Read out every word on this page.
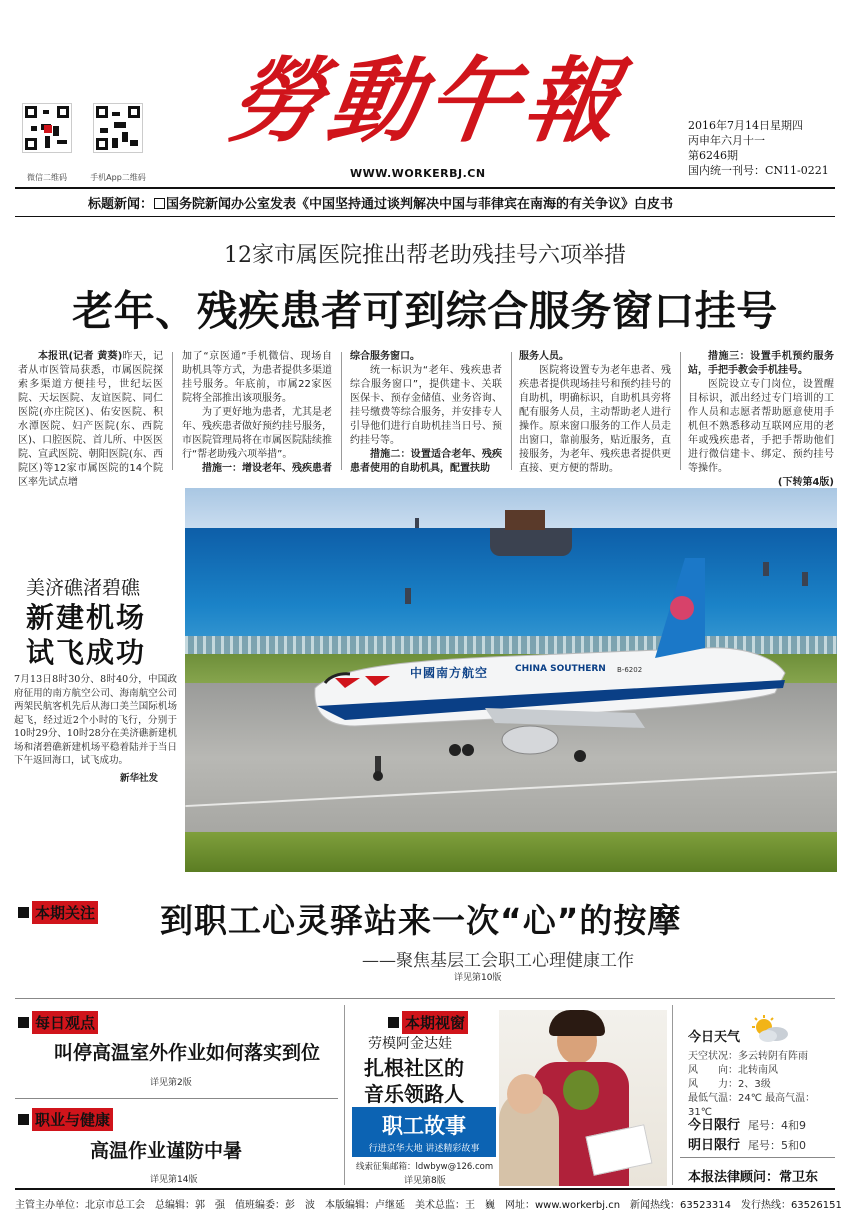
微信二维码	手机App二维码
勞動午報
WWW.WORKERBJ.CN
2016年7月14日星期四
丙申年六月十一
第6246期
国内统一刊号：CN11-0221
标题新闻： 国务院新闻办公室发表《中国坚持通过谈判解决中国与菲律宾在南海的有关争议》白皮书
12家市属医院推出帮老助残挂号六项举措
老年、残疾患者可到综合服务窗口挂号

本报讯(记者 黄葵)昨天，记者从市医管局获悉，市属医院探索多渠道方便挂号，世纪坛医院、天坛医院、友谊医院、同仁医院(亦庄院区)、佑安医院、积水潭医院、妇产医院(东、西院区)、口腔医院、首儿所、中医医院、宣武医院、朝阳医院(东、西院区)等12家市属医院的14个院区率先试点增

加了“京医通”手机微信、现场自助机具等方式，为患者提供多渠道挂号服务。年底前，市属22家医院将全部推出该项服务。

为了更好地为患者，尤其是老年、残疾患者做好预约挂号服务，市医院管理局将在市属医院陆续推行“帮老助残六项举措”。

措施一：增设老年、残疾患者

综合服务窗口。

统一标识为“老年、残疾患者综合服务窗口”，提供建卡、关联医保卡、预存金储值、业务咨询、挂号缴费等综合服务，并安排专人引导他们进行自助机挂当日号、预约挂号等。

措施二：设置适合老年、残疾患者使用的自助机具，配置扶助

服务人员。

医院将设置专为老年患者、残疾患者提供现场挂号和预约挂号的自助机，明确标识，自助机具旁将配有服务人员，主动帮助老人进行操作。原来窗口服务的工作人员走出窗口，靠前服务，贴近服务，直接服务，为老年、残疾患者提供更直接、更方便的帮助。

措施三：设置手机预约服务站，手把手教会手机挂号。

医院设立专门岗位，设置醒目标识，派出经过专门培训的工作人员和志愿者帮助愿意使用手机但不熟悉移动互联网应用的老年或残疾患者，手把手帮助他们进行微信建卡、绑定、预约挂号等操作。

(下转第4版)
中國南方航空	CHINA SOUTHERN B-6202
美济礁渚碧礁
新建机场
试飞成功
7月13日8时30分、8时40分，中国政府征用的南方航空公司、海南航空公司两架民航客机先后从海口美兰国际机场起飞，经过近2个小时的飞行，分别于10时29分、10时28分在美济礁新建机场和渚碧礁新建机场平稳着陆并于当日下午返回海口，试飞成功。
新华社发
本期关注 到职工心灵驿站来一次“心”的按摩
——聚焦基层工会职工心理健康工作
详见第10版
每日观点
叫停高温室外作业如何落实到位
详见第2版
职业与健康
高温作业谨防中暑
详见第14版
本期视窗
劳模阿金达娃
扎根社区的
音乐领路人
职工故事
行进京华大地 讲述精彩故事
线索征集邮箱：ldwbyw@126.com
详见第8版
今日天气
天空状况：多云转阴有阵雨
风　　向：北转南风
风　　力：2、3级
最低气温：24℃ 最高气温：31℃
今日限行 尾号：4和9
明日限行 尾号：5和0
本报法律顾问：常卫东
主管主办单位：北京市总工会　总编辑：郭　强　值班编委：彭　波　本版编辑：卢继延　美术总监：王　巍　网址：www.workerbj.cn　新闻热线：63523314　发行热线：63526151
